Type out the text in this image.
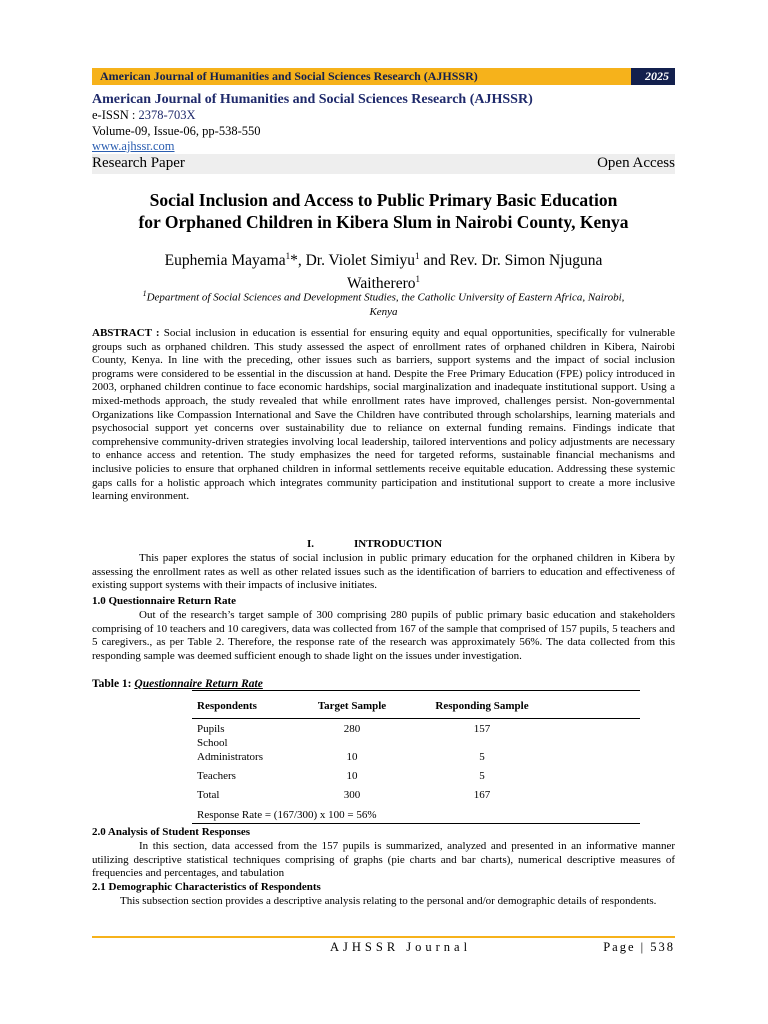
American Journal of Humanities and Social Sciences Research (AJHSSR)	2025
American Journal of Humanities and Social Sciences Research (AJHSSR)
e-ISSN : 2378-703X
Volume-09, Issue-06, pp-538-550
www.ajhssr.com
Research Paper	Open Access
Social Inclusion and Access to Public Primary Basic Education
for Orphaned Children in Kibera Slum in Nairobi County, Kenya
Euphemia Mayama$^1$*, Dr. Violet Simiyu$^1$ and Rev. Dr. Simon Njuguna
Waitherero$^1$
$^1$Department of Social Sciences and Development Studies, the Catholic University of Eastern Africa, Nairobi,
Kenya
ABSTRACT : Social inclusion in education is essential for ensuring equity and equal opportunities, specifically for vulnerable groups such as orphaned children. This study assessed the aspect of enrollment rates of orphaned children in Kibera, Nairobi County, Kenya. In line with the preceding, other issues such as barriers, support systems and the impact of social inclusion programs were considered to be essential in the discussion at hand. Despite the Free Primary Education (FPE) policy introduced in 2003, orphaned children continue to face economic hardships, social marginalization and inadequate institutional support. Using a mixed-methods approach, the study revealed that while enrollment rates have improved, challenges persist. Non-governmental Organizations like Compassion International and Save the Children have contributed through scholarships, learning materials and psychosocial support yet concerns over sustainability due to reliance on external funding remains. Findings indicate that comprehensive community-driven strategies involving local leadership, tailored interventions and policy adjustments are necessary to enhance access and retention. The study emphasizes the need for targeted reforms, sustainable financial mechanisms and inclusive policies to ensure that orphaned children in informal settlements receive equitable education. Addressing these systemic gaps calls for a holistic approach which integrates community participation and institutional support to create a more inclusive learning environment.
I.	INTRODUCTION
This paper explores the status of social inclusion in public primary education for the orphaned children in Kibera by assessing the enrollment rates as well as other related issues such as the identification of barriers to education and effectiveness of existing support systems with their impacts of inclusive initiates.
1.0 Questionnaire Return Rate
Out of the research’s target sample of 300 comprising 280 pupils of public primary basic education and stakeholders comprising of 10 teachers and 10 caregivers, data was collected from 167 of the sample that comprised of 157 pupils, 5 teachers and 5 caregivers., as per Table 2. Therefore, the response rate of the research was approximately 56%. The data collected from this responding sample was deemed sufficient enough to shade light on the issues under investigation.
Table 1: Questionnaire Return Rate
Respondents	Target Sample	Responding Sample
Pupils	280	157
School
Administrators	10	5
Teachers	10	5
Total	300	167
Response Rate = (167/300) x 100 = 56%
2.0 Analysis of Student Responses
In this section, data accessed from the 157 pupils is summarized, analyzed and presented in an informative manner utilizing descriptive statistical techniques comprising of graphs (pie charts and bar charts), numerical descriptive measures of frequencies and percentages, and tabulation
2.1 Demographic Characteristics of Respondents
This subsection section provides a descriptive analysis relating to the personal and/or demographic details of respondents.
AJHSSR Journal	Page | 538
